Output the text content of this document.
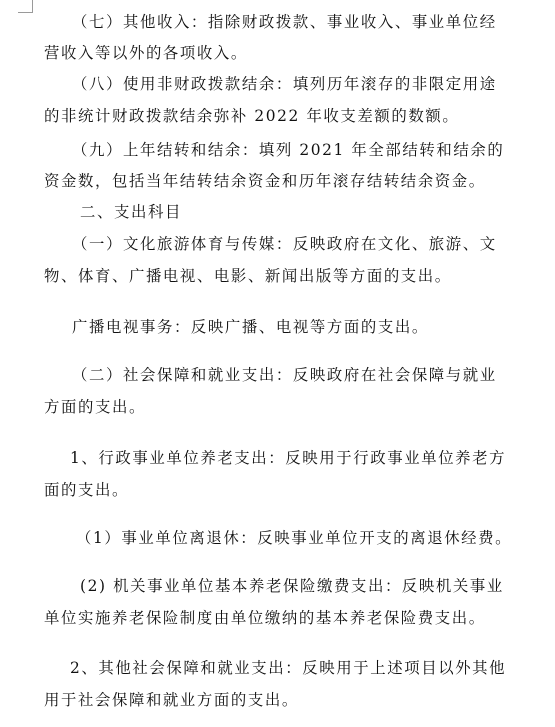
（七）其他收入：指除财政拨款、事业收入、事业单位经
营收入等以外的各项收入。
（八）使用非财政拨款结余：填列历年滚存的非限定用途
的非统计财政拨款结余弥补 2022 年收支差额的数额。
（九）上年结转和结余：填列 2021 年全部结转和结余的
资金数，包括当年结转结余资金和历年滚存结转结余资金。
二、支出科目
（一）文化旅游体育与传媒：反映政府在文化、旅游、文
物、体育、广播电视、电影、新闻出版等方面的支出。
广播电视事务：反映广播、电视等方面的支出。
（二）社会保障和就业支出：反映政府在社会保障与就业
方面的支出。
1、行政事业单位养老支出：反映用于行政事业单位养老方
面的支出。
（1）事业单位离退休：反映事业单位开支的离退休经费。
(2) 机关事业单位基本养老保险缴费支出：反映机关事业
单位实施养老保险制度由单位缴纳的基本养老保险费支出。
2、其他社会保障和就业支出：反映用于上述项目以外其他
用于社会保障和就业方面的支出。
